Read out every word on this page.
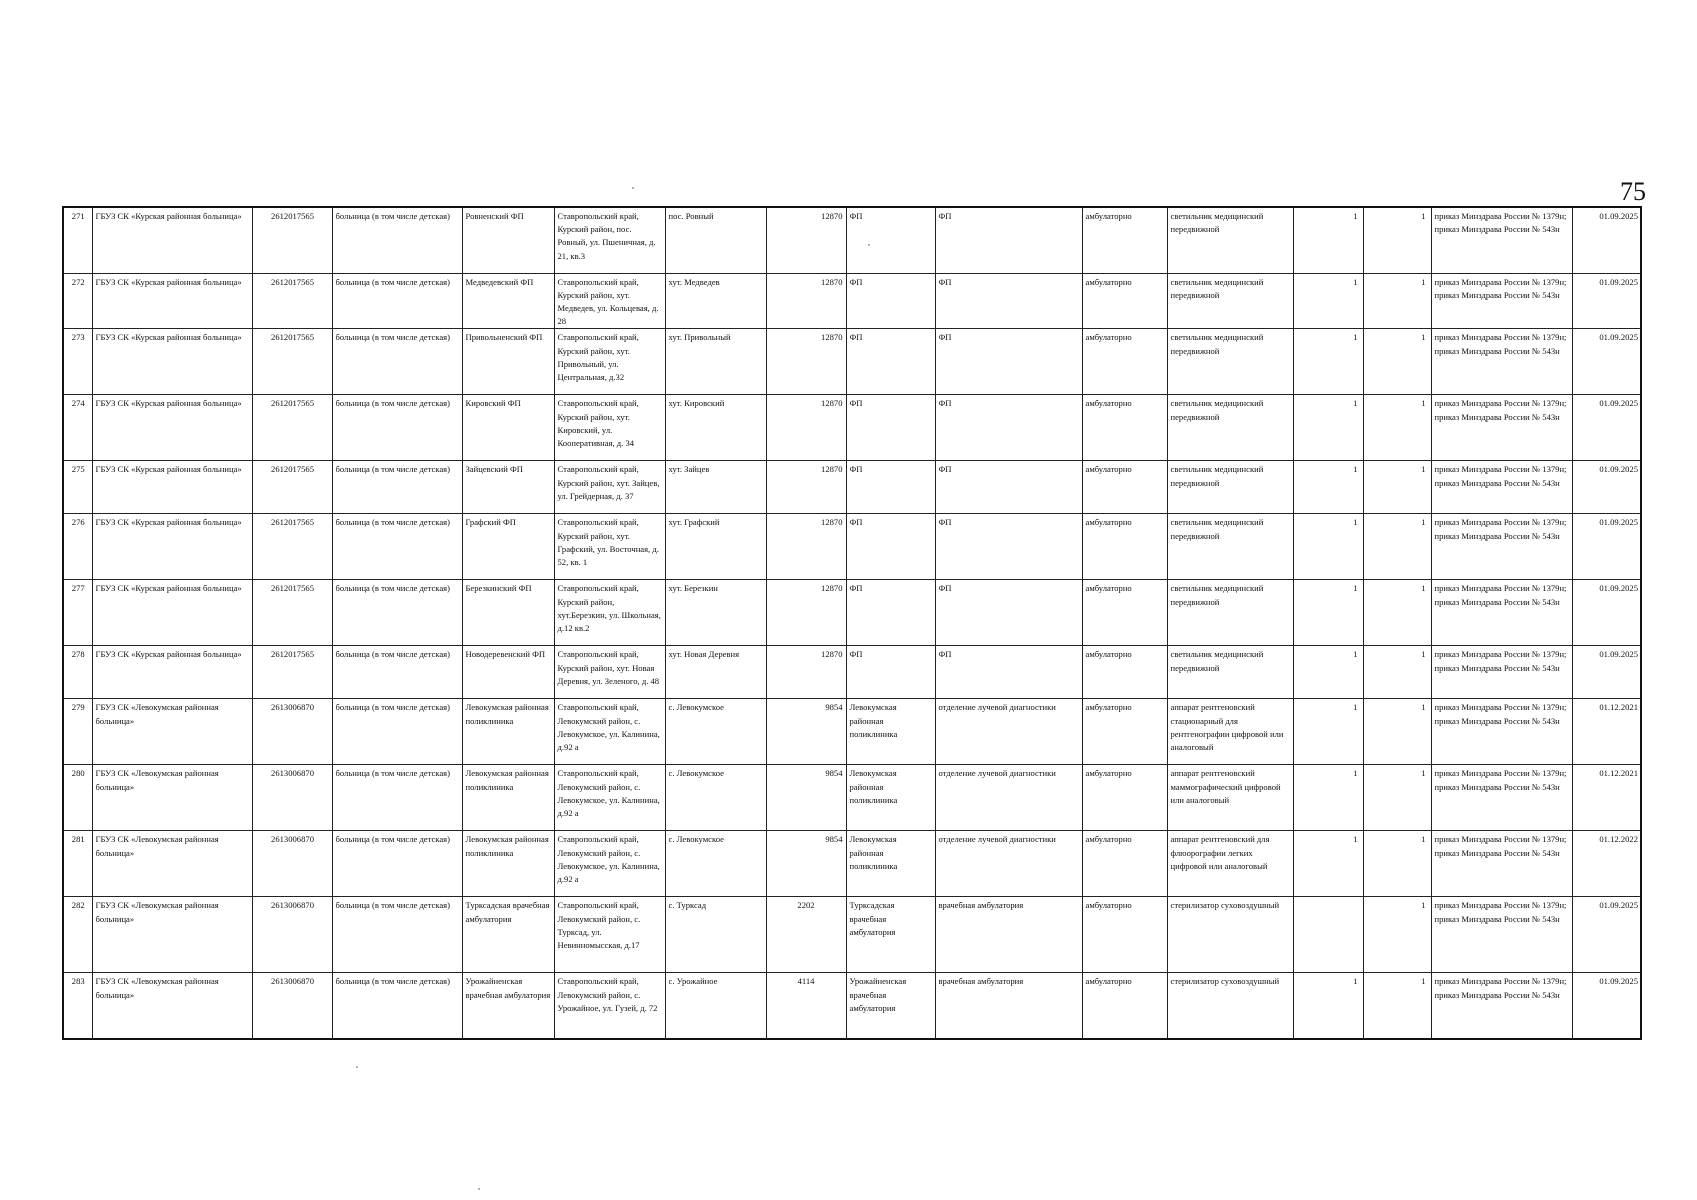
75
271	ГБУЗ СК «Курская районная больница»	2612017565	больница (в том числе детская)	Ровненский ФП	Ставропольский край, Курский район, пос. Ровный, ул. Пшеничная, д. 21, кв.3	пос. Ровный	12870	ФП	ФП	амбулаторно	светильник медицинский передвижной	1	1	приказ Минздрава России № 1379н; приказ Минздрава России № 543н	01.09.2025

272	ГБУЗ СК «Курская районная больница»	2612017565	больница (в том числе детская)	Медведевский ФП	Ставропольский край, Курский район, хут. Медведев, ул. Кольцевая, д. 28	хут. Медведев	12870	ФП	ФП	амбулаторно	светильник медицинский передвижной	1	1	приказ Минздрава России № 1379н; приказ Минздрава России № 543н	01.09.2025

273	ГБУЗ СК «Курская районная больница»	2612017565	больница (в том числе детская)	Привольненский ФП	Ставропольский край, Курский район, хут. Привольный, ул. Центральная, д.32	хут. Привольный	12870	ФП	ФП	амбулаторно	светильник медицинский передвижной	1	1	приказ Минздрава России № 1379н; приказ Минздрава России № 543н	01.09.2025

274	ГБУЗ СК «Курская районная больница»	2612017565	больница (в том числе детская)	Кировский ФП	Ставропольский край, Курский район, хут. Кировский, ул. Кооперативная, д. 34	хут. Кировский	12870	ФП	ФП	амбулаторно	светильник медицинский передвижной	1	1	приказ Минздрава России № 1379н; приказ Минздрава России № 543н	01.09.2025

275	ГБУЗ СК «Курская районная больница»	2612017565	больница (в том числе детская)	Зайцевский ФП	Ставропольский край, Курский район, хут. Зайцев, ул. Грейдерная, д. 37	хут. Зайцев	12870	ФП	ФП	амбулаторно	светильник медицинский передвижной	1	1	приказ Минздрава России № 1379н; приказ Минздрава России № 543н	01.09.2025

276	ГБУЗ СК «Курская районная больница»	2612017565	больница (в том числе детская)	Графский ФП	Ставропольский край, Курский район, хут. Графский, ул. Восточная, д. 52, кв. 1	хут. Графский	12870	ФП	ФП	амбулаторно	светильник медицинский передвижной	1	1	приказ Минздрава России № 1379н; приказ Минздрава России № 543н	01.09.2025

277	ГБУЗ СК «Курская районная больница»	2612017565	больница (в том числе детская)	Березкинский ФП	Ставропольский край, Курский район, хут.Березкин, ул. Школьная, д.12 кв.2	хут. Березкин	12870	ФП	ФП	амбулаторно	светильник медицинский передвижной	1	1	приказ Минздрава России № 1379н; приказ Минздрава России № 543н	01.09.2025

278	ГБУЗ СК «Курская районная больница»	2612017565	больница (в том числе детская)	Новодеревенский ФП	Ставропольский край, Курский район, хут. Новая Деревня, ул. Зеленого, д. 48	хут. Новая Деревня	12870	ФП	ФП	амбулаторно	светильник медицинский передвижной	1	1	приказ Минздрава России № 1379н; приказ Минздрава России № 543н	01.09.2025

279	ГБУЗ СК «Левокумская районная больница»	2613006870	больница (в том числе детская)	Левокумская районная поликлиника	Ставропольский край, Левокумский район, с. Левокумское, ул. Калинина, д.92 а	с. Левокумское	9854	Левокумская районная поликлиника	отделение лучевой диагностики	амбулаторно	аппарат рентгеновский стационарный для рентгенографии цифровой или аналоговый	1	1	приказ Минздрава России № 1379н; приказ Минздрава России № 543н	01.12.2021

280	ГБУЗ СК «Левокумская районная больница»	2613006870	больница (в том числе детская)	Левокумская районная поликлиника	Ставропольский край, Левокумский район, с. Левокумское, ул. Калинина, д.92 а	с. Левокумское	9854	Левокумская районная поликлиника	отделение лучевой диагностики	амбулаторно	аппарат рентгеновский маммографический цифровой или аналоговый	1	1	приказ Минздрава России № 1379н; приказ Минздрава России № 543н	01.12.2021

281	ГБУЗ СК «Левокумская районная больница»	2613006870	больница (в том числе детская)	Левокумская районная поликлиника	Ставропольский край, Левокумский район, с. Левокумское, ул. Калинина, д.92 а	с. Левокумское	9854	Левокумская районная поликлиника	отделение лучевой диагностики	амбулаторно	аппарат рентгеновский для флюорографии легких цифровой или аналоговый	1	1	приказ Минздрава России № 1379н; приказ Минздрава России № 543н	01.12.2022

282	ГБУЗ СК «Левокумская районная больница»	2613006870	больница (в том числе детская)	Турксадская врачебная амбулатория	Ставропольский край, Левокумский район, с. Турксад, ул. Невинномысская, д.17	с. Турксад	2202	Турксадская врачебная амбулатория	врачебная амбулатория	амбулаторно	стерилизатор суховоздушный		1	приказ Минздрава России № 1379н; приказ Минздрава России № 543н	01.09.2025

283	ГБУЗ СК «Левокумская районная больница»	2613006870	больница (в том числе детская)	Урожайненская врачебная амбулатория	Ставропольский край, Левокумский район, с. Урожайное, ул. Гузей, д. 72	с. Урожайное	4114	Урожайненская врачебная амбулатория	врачебная амбулатория	амбулаторно	стерилизатор суховоздушный	1	1	приказ Минздрава России № 1379н; приказ Минздрава России № 543н	01.09.2025
